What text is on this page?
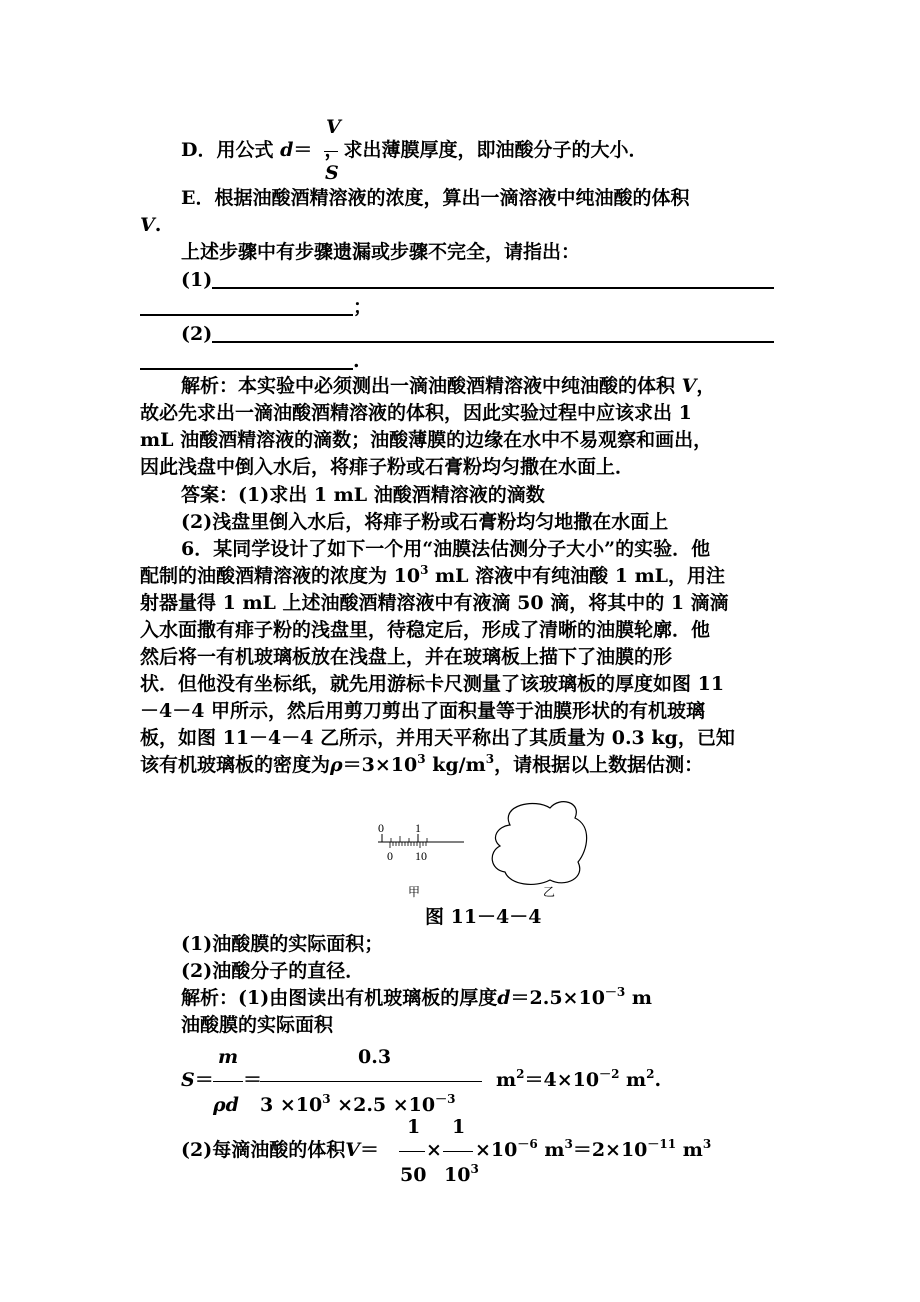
V
D．用公式 d＝ ，求出薄膜厚度，即油酸分子的大小．
S
E．根据油酸酒精溶液的浓度，算出一滴溶液中纯油酸的体积
V.
上述步骤中有步骤遗漏或步骤不完全，请指出：
(1)
；
(2)
.
解析：本实验中必须测出一滴油酸酒精溶液中纯油酸的体积 V，
故必先求出一滴油酸酒精溶液的体积，因此实验过程中应该求出 1
mL 油酸酒精溶液的滴数；油酸薄膜的边缘在水中不易观察和画出，
因此浅盘中倒入水后，将痱子粉或石膏粉均匀撒在水面上．
答案：(1)求出 1 mL 油酸酒精溶液的滴数
(2)浅盘里倒入水后，将痱子粉或石膏粉均匀地撒在水面上
6．某同学设计了如下一个用“油膜法估测分子大小”的实验．他
配制的油酸酒精溶液的浓度为 $10^3$ mL 溶液中有纯油酸 1 mL，用注
射器量得 1 mL 上述油酸酒精溶液中有液滴 50 滴，将其中的 1 滴滴
入水面撒有痱子粉的浅盘里，待稳定后，形成了清晰的油膜轮廓．他
然后将一有机玻璃板放在浅盘上，并在玻璃板上描下了油膜的形
状．但他没有坐标纸，就先用游标卡尺测量了该玻璃板的厚度如图 11
－4－4 甲所示，然后用剪刀剪出了面积量等于油膜形状的有机玻璃
板，如图 11－4－4 乙所示，并用天平称出了其质量为 0.3 kg，已知
该有机玻璃板的密度为$\rho=3\times 10^3$ $kg/m^3$，请根据以上数据估测：
0	1
0 10
甲	乙
图 11－4－4
(1)油酸膜的实际面积；
(2)油酸分子的直径．
解析：(1)由图读出有机玻璃板的厚度$d=2.5\times 10^{-3}$ m
油酸膜的实际面积
m	0.3
S＝ ＝	$m^2=4\times 10^{-2}$ $m^2$.
ρd $3 \times 10^3 \times 2.5 \times 10^{-3}$
1 1
(2)每滴油酸的体积$V= \times \times 10^{-6}$ $m^3=2\times 10^{-11}$ $m^3$
50 $10^3$
